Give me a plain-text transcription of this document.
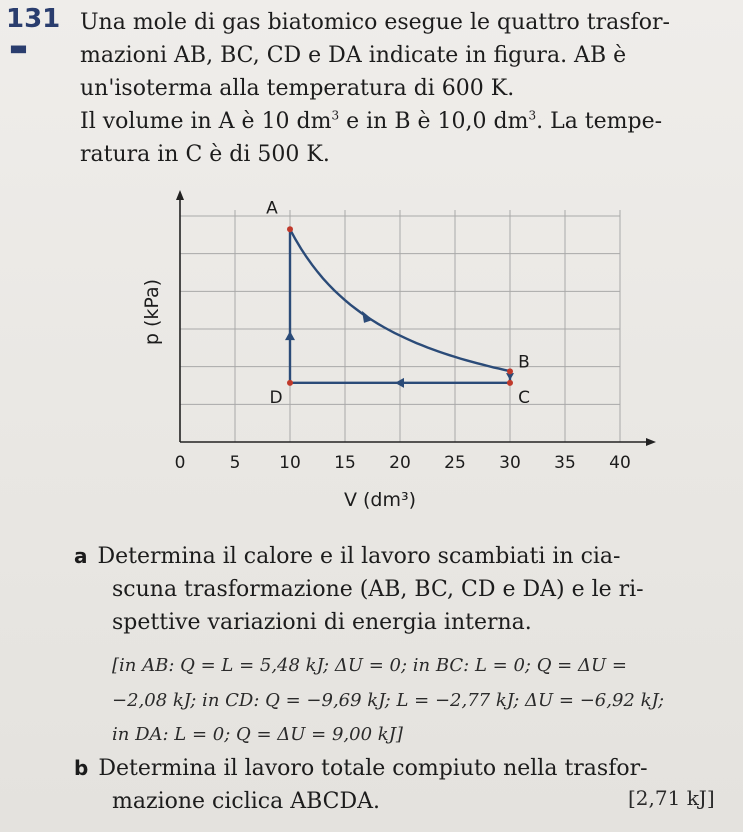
131
■■
Una mole di gas biatomico esegue le quattro trasfor-
mazioni AB, BC, CD e DA indicate in figura. AB è
un'isoterma alla temperatura di 600 K.
Il volume in A è 10 $dm^3$ e in B è 10,0 $dm^3$. La tempe-
ratura in C è di 500 K.
0	5 10 15 20 25 30 35 40
V (dm³)
p (kPa)
A
B
C
D
a Determina il calore e il lavoro scambiati in cia-
scuna trasformazione (AB, BC, CD e DA) e le ri-
spettive variazioni di energia interna.
[in AB: Q = L = 5,48 kJ; ΔU = 0; in BC: L = 0; Q = ΔU =
−2,08 kJ; in CD: Q = −9,69 kJ; L = −2,77 kJ; ΔU = −6,92 kJ;
in DA: L = 0; Q = ΔU = 9,00 kJ]
b Determina il lavoro totale compiuto nella trasfor-
mazione ciclica ABCDA.	[2,71 kJ]
